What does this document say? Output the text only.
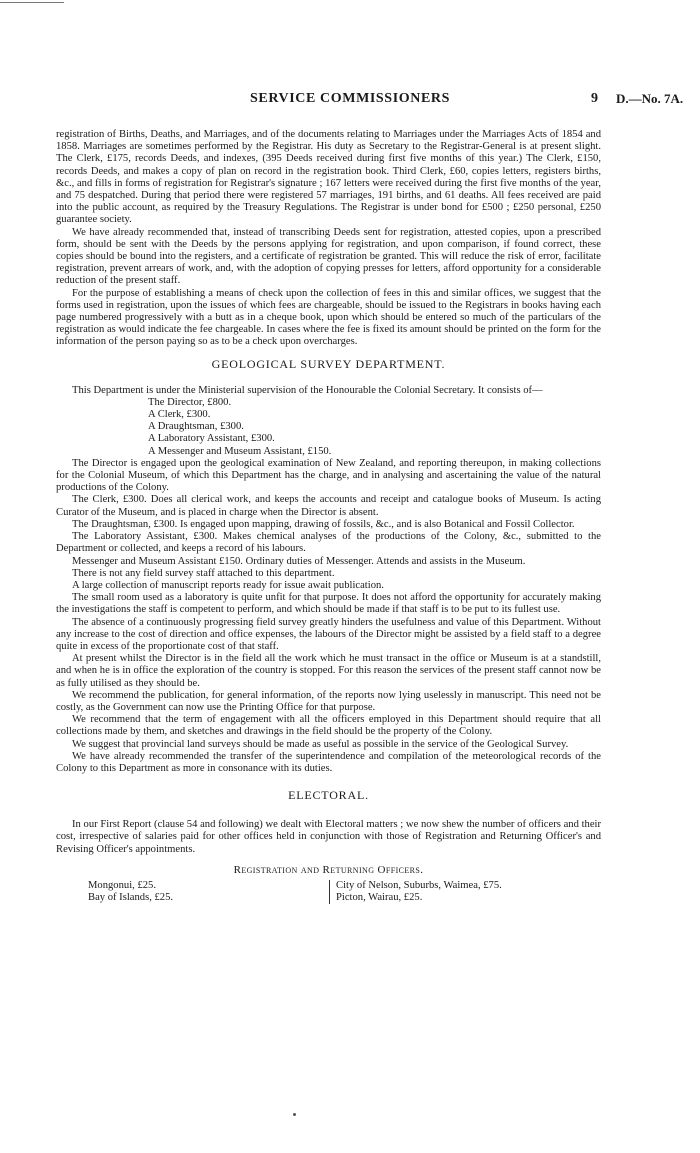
SERVICE COMMISSIONERS	9 D.—No. 7A.

registration of Births, Deaths, and Marriages, and of the documents relating to Marriages under the Marriages Acts of 1854 and 1858. Marriages are sometimes performed by the Registrar. His duty as Secretary to the Registrar-General is at present slight. The Clerk, £175, records Deeds, and indexes, (395 Deeds received during first five months of this year.) The Clerk, £150, records Deeds, and makes a copy of plan on record in the registration book. Third Clerk, £60, copies letters, registers births, &c., and fills in forms of registration for Registrar's signature ; 167 letters were received during the first five months of the year, and 75 despatched. During that period there were registered 57 marriages, 191 births, and 61 deaths. All fees received are paid into the public account, as required by the Treasury Regulations. The Registrar is under bond for £500 ; £250 personal, £250 guarantee society.

We have already recommended that, instead of transcribing Deeds sent for registration, attested copies, upon a prescribed form, should be sent with the Deeds by the persons applying for registration, and upon comparison, if found correct, these copies should be bound into the registers, and a certificate of registration be granted. This will reduce the risk of error, facilitate registration, prevent arrears of work, and, with the adoption of copying presses for letters, afford opportunity for a considerable reduction of the present staff.

For the purpose of establishing a means of check upon the collection of fees in this and similar offices, we suggest that the forms used in registration, upon the issues of which fees are chargeable, should be issued to the Registrars in books having each page numbered progressively with a butt as in a cheque book, upon which should be entered so much of the particulars of the registration as would indicate the fee chargeable. In cases where the fee is fixed its amount should be printed on the form for the information of the person paying so as to be a check upon overcharges.

GEOLOGICAL SURVEY DEPARTMENT.

This Department is under the Ministerial supervision of the Honourable the Colonial Secretary. It consists of—

The Director, £800.
A Clerk, £300.
A Draughtsman, £300.
A Laboratory Assistant, £300.
A Messenger and Museum Assistant, £150.

The Director is engaged upon the geological examination of New Zealand, and reporting thereupon, in making collections for the Colonial Museum, of which this Department has the charge, and in analysing and ascertaining the value of the natural productions of the Colony.

The Clerk, £300. Does all clerical work, and keeps the accounts and receipt and catalogue books of Museum. Is acting Curator of the Museum, and is placed in charge when the Director is absent.

The Draughtsman, £300. Is engaged upon mapping, drawing of fossils, &c., and is also Botanical and Fossil Collector.

The Laboratory Assistant, £300. Makes chemical analyses of the productions of the Colony, &c., submitted to the Department or collected, and keeps a record of his labours.

Messenger and Museum Assistant £150. Ordinary duties of Messenger. Attends and assists in the Museum.

There is not any field survey staff attached to this department.

A large collection of manuscript reports ready for issue await publication.

The small room used as a laboratory is quite unfit for that purpose. It does not afford the opportunity for accurately making the investigations the staff is competent to perform, and which should be made if that staff is to be put to its fullest use.

The absence of a continuously progressing field survey greatly hinders the usefulness and value of this Department. Without any increase to the cost of direction and office expenses, the labours of the Director might be assisted by a field staff to a degree quite in excess of the proportionate cost of that staff.

At present whilst the Director is in the field all the work which he must transact in the office or Museum is at a standstill, and when he is in office the exploration of the country is stopped. For this reason the services of the present staff cannot now be as fully utilised as they should be.

We recommend the publication, for general information, of the reports now lying uselessly in manuscript. This need not be costly, as the Government can now use the Printing Office for that purpose.

We recommend that the term of engagement with all the officers employed in this Department should require that all collections made by them, and sketches and drawings in the field should be the property of the Colony.

We suggest that provincial land surveys should be made as useful as possible in the service of the Geological Survey.

We have already recommended the transfer of the superintendence and compilation of the meteorological records of the Colony to this Department as more in consonance with its duties.

ELECTORAL.

In our First Report (clause 54 and following) we dealt with Electoral matters ; we now shew the number of officers and their cost, irrespective of salaries paid for other offices held in conjunction with those of Registration and Returning Officer's and Revising Officer's appointments.

Registration and Returning Officers.
Mongonui, £25.
Bay of Islands, £25.
City of Nelson, Suburbs, Waimea, £75.
Picton, Wairau, £25.
